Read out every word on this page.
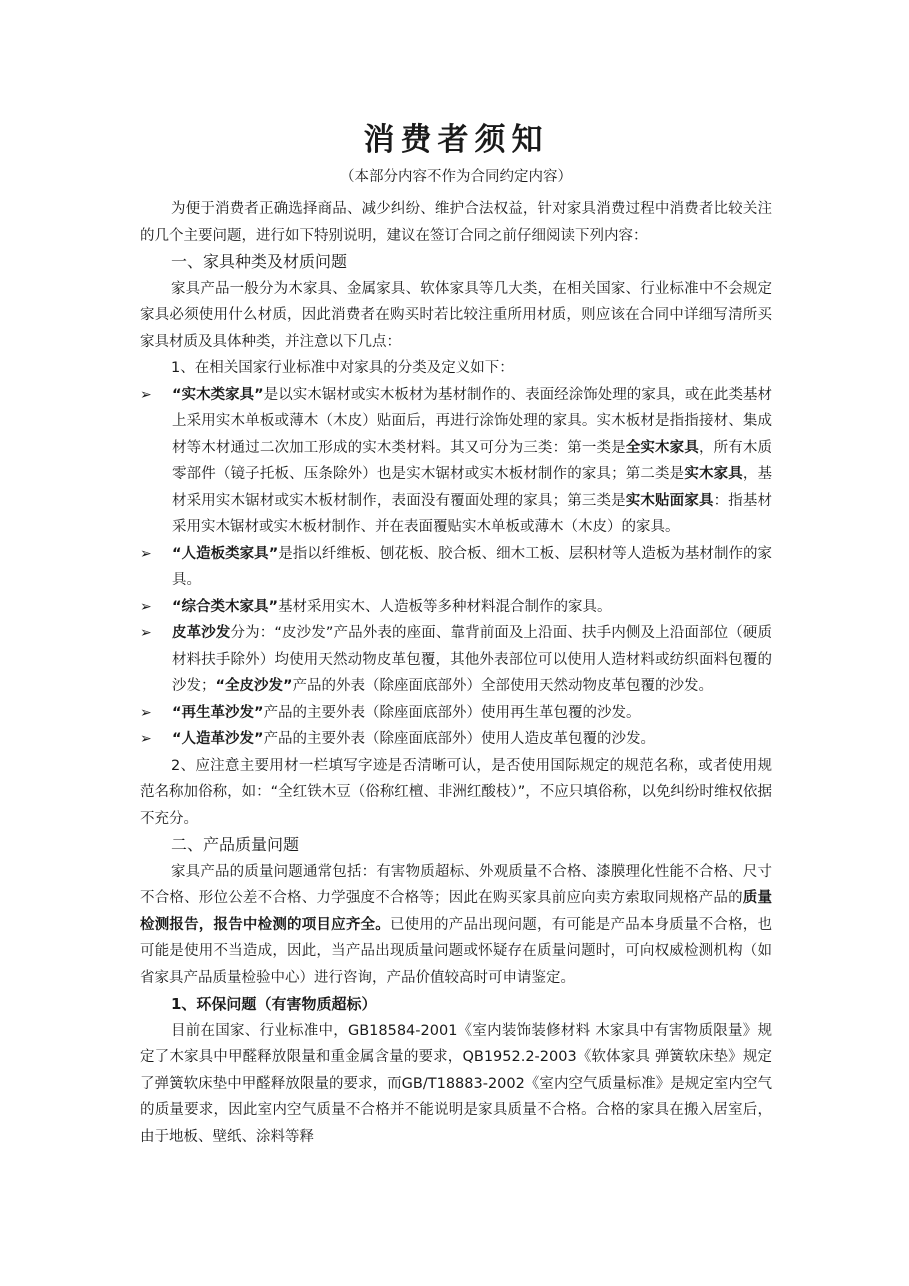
消费者须知
（本部分内容不作为合同约定内容）

为便于消费者正确选择商品、减少纠纷、维护合法权益，针对家具消费过程中消费者比较关注的几个主要问题，进行如下特别说明，建议在签订合同之前仔细阅读下列内容：

一、家具种类及材质问题

家具产品一般分为木家具、金属家具、软体家具等几大类，在相关国家、行业标准中不会规定家具必须使用什么材质，因此消费者在购买时若比较注重所用材质，则应该在合同中详细写清所买家具材质及具体种类，并注意以下几点：

1、在相关国家行业标准中对家具的分类及定义如下：

➢ “实木类家具”是以实木锯材或实木板材为基材制作的、表面经涂饰处理的家具，或在此类基材上采用实木单板或薄木（木皮）贴面后，再进行涂饰处理的家具。实木板材是指指接材、集成材等木材通过二次加工形成的实木类材料。其又可分为三类：第一类是全实木家具，所有木质零部件（镜子托板、压条除外）也是实木锯材或实木板材制作的家具；第二类是实木家具，基材采用实木锯材或实木板材制作，表面没有覆面处理的家具；第三类是实木贴面家具：指基材采用实木锯材或实木板材制作、并在表面覆贴实木单板或薄木（木皮）的家具。

➢ “人造板类家具”是指以纤维板、刨花板、胶合板、细木工板、层积材等人造板为基材制作的家具。

➢ “综合类木家具”基材采用实木、人造板等多种材料混合制作的家具。

➢ 皮革沙发分为：“皮沙发”产品外表的座面、靠背前面及上沿面、扶手内侧及上沿面部位（硬质材料扶手除外）均使用天然动物皮革包覆，其他外表部位可以使用人造材料或纺织面料包覆的沙发；“全皮沙发”产品的外表（除座面底部外）全部使用天然动物皮革包覆的沙发。

➢ “再生革沙发”产品的主要外表（除座面底部外）使用再生革包覆的沙发。

➢ “人造革沙发”产品的主要外表（除座面底部外）使用人造皮革包覆的沙发。

2、应注意主要用材一栏填写字迹是否清晰可认，是否使用国际规定的规范名称，或者使用规范名称加俗称，如：“全红铁木豆（俗称红檀、非洲红酸枝）”，不应只填俗称，以免纠纷时维权依据不充分。

二、产品质量问题

家具产品的质量问题通常包括：有害物质超标、外观质量不合格、漆膜理化性能不合格、尺寸不合格、形位公差不合格、力学强度不合格等；因此在购买家具前应向卖方索取同规格产品的质量检测报告，报告中检测的项目应齐全。已使用的产品出现问题，有可能是产品本身质量不合格，也可能是使用不当造成，因此，当产品出现质量问题或怀疑存在质量问题时，可向权威检测机构（如省家具产品质量检验中心）进行咨询，产品价值较高时可申请鉴定。

1、环保问题（有害物质超标）

目前在国家、行业标准中，GB18584-2001《室内装饰装修材料 木家具中有害物质限量》规定了木家具中甲醛释放限量和重金属含量的要求，QB1952.2-2003《软体家具 弹簧软床垫》规定了弹簧软床垫中甲醛释放限量的要求，而GB/T18883-2002《室内空气质量标准》是规定室内空气的质量要求，因此室内空气质量不合格并不能说明是家具质量不合格。合格的家具在搬入居室后，由于地板、壁纸、涂料等释
